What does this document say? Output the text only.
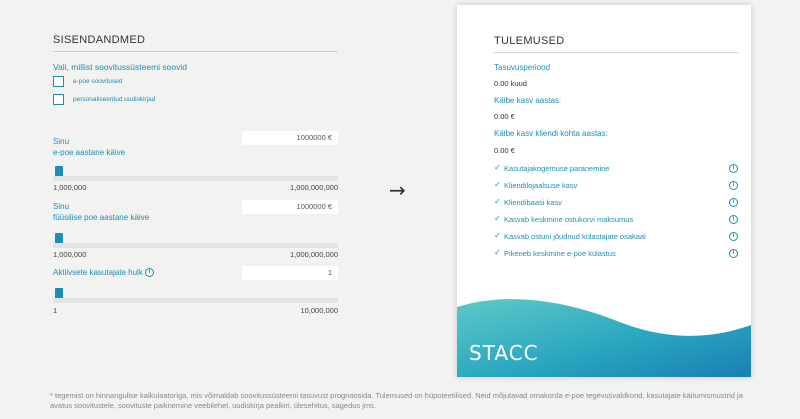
SISENDANDMED
Vali, millist soovitussüsteemi soovid
e-poe soovitused
personaliseeritud uudiskirjad
Sinu
e-poe aastane käive
1000000 €
1,000,000	1,000,000,000
Sinu
füüsilise poe aastane käive
1000000 €
1,000,000	1,000,000,000
Aktiivsete kasutajate hulk i	1
1	10,000,000
→
TULEMUSED
Tasuvusperiood
0.00 kuud
Käibe kasv aastas:
0.00 €
Käibe kasv kliendi kohta aastas:
0.00 €
✓ Kasutajakogemuse paranemine	i
✓ Kliendilojaalsuse kasv	i
✓ Kliendibaasi kasv	i
✓ Kasvab keskmine ostukorvi maksumus	i
✓ Kasvab ostuni jõudnud külastajate osakaal	i
✓ Pikeneb keskmine e-poe külastus	i
STACC
* tegemist on hinnangulise kalkulaatoriga, mis võimaldab soovitussüsteemi tasuvust prognoosida. Tulemused on hüpoteetilised. Neid mõjutavad omakorda e-poe tegevusvaldkond, kasutajate käitumismustrid ja avatus soovitustele, soovituste paiknemine veebilehel, uudiskirja pealkiri, ülesehitus, sagedus jms.
